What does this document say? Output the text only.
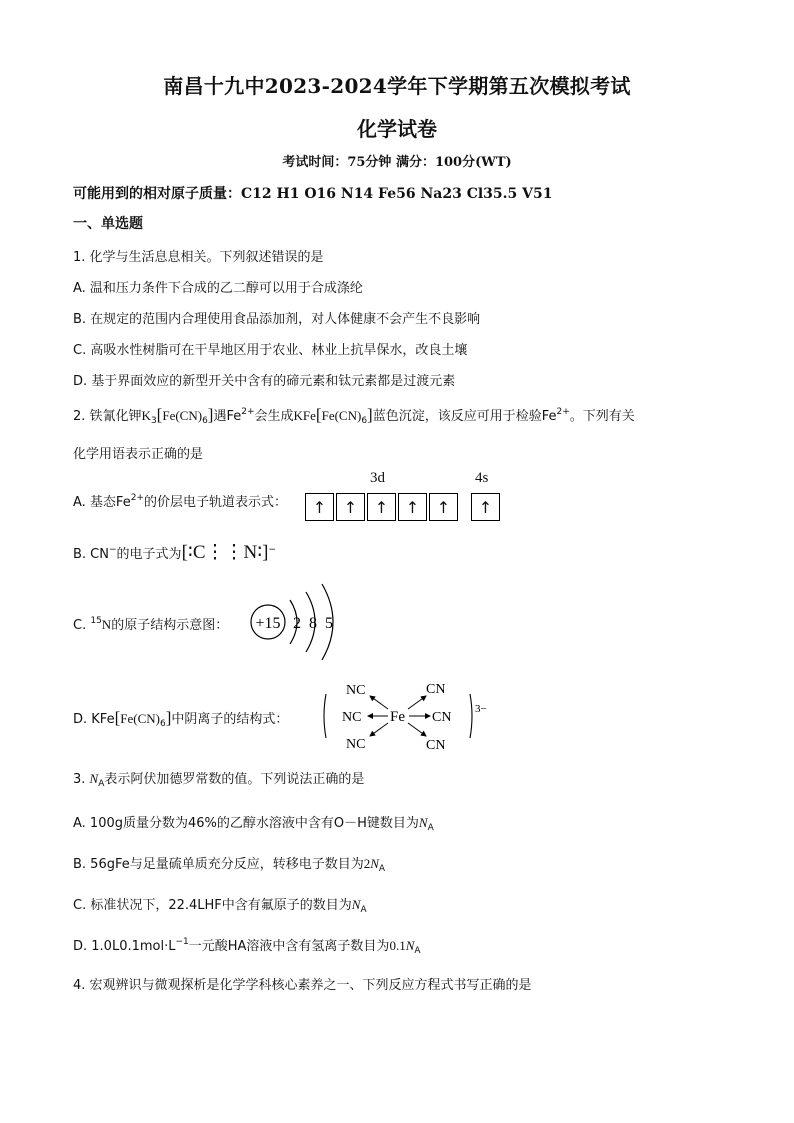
南昌十九中2023-2024学年下学期第五次模拟考试
化学试卷
考试时间：75分钟 满分：100分(WT)
可能用到的相对原子质量：C12 H1 O16 N14 Fe56 Na23 Cl35.5 V51
一、单选题
1. 化学与生活息息相关。下列叙述错误的是
A. 温和压力条件下合成的乙二醇可以用于合成涤纶
B. 在规定的范围内合理使用食品添加剂，对人体健康不会产生不良影响
C. 高吸水性树脂可在干旱地区用于农业、林业上抗旱保水，改良土壤
D. 基于界面效应的新型开关中含有的碲元素和钛元素都是过渡元素
2. 铁氰化钾$K_3[Fe(CN)_6]$遇$Fe^{2+}$会生成$KFe[Fe(CN)_6]$蓝色沉淀，该反应可用于检验$Fe^{2+}$。下列有关
化学用语表示正确的是
A. 基态$Fe^{2+}$的价层电子轨道表示式：
3d	4s
↑	↑	↑	↑	↑	↑
B. CN−的电子式为[∶C⋮⋮N∶]−
C. $^{15}$N的原子结构示意图： +15 2 8 5
D. $KFe[Fe(CN)_6]$中阴离子的结构式：
NC
NC
NC
Fe
CN
CN
CN
3−
3. $N_A$表示阿伏加德罗常数的值。下列说法正确的是
A. 100g质量分数为46%的乙醇水溶液中含有O－H键数目为$N_A$
B. 56gFe与足量硫单质充分反应，转移电子数目为$2N_A$
C. 标准状况下，22.4LHF中含有氟原子的数目为$N_A$
D. $1.0L0.1mol\cdot L^{-1}$一元酸HA溶液中含有氢离子数目为$0.1N_A$
4. 宏观辨识与微观探析是化学学科核心素养之一、下列反应方程式书写正确的是
